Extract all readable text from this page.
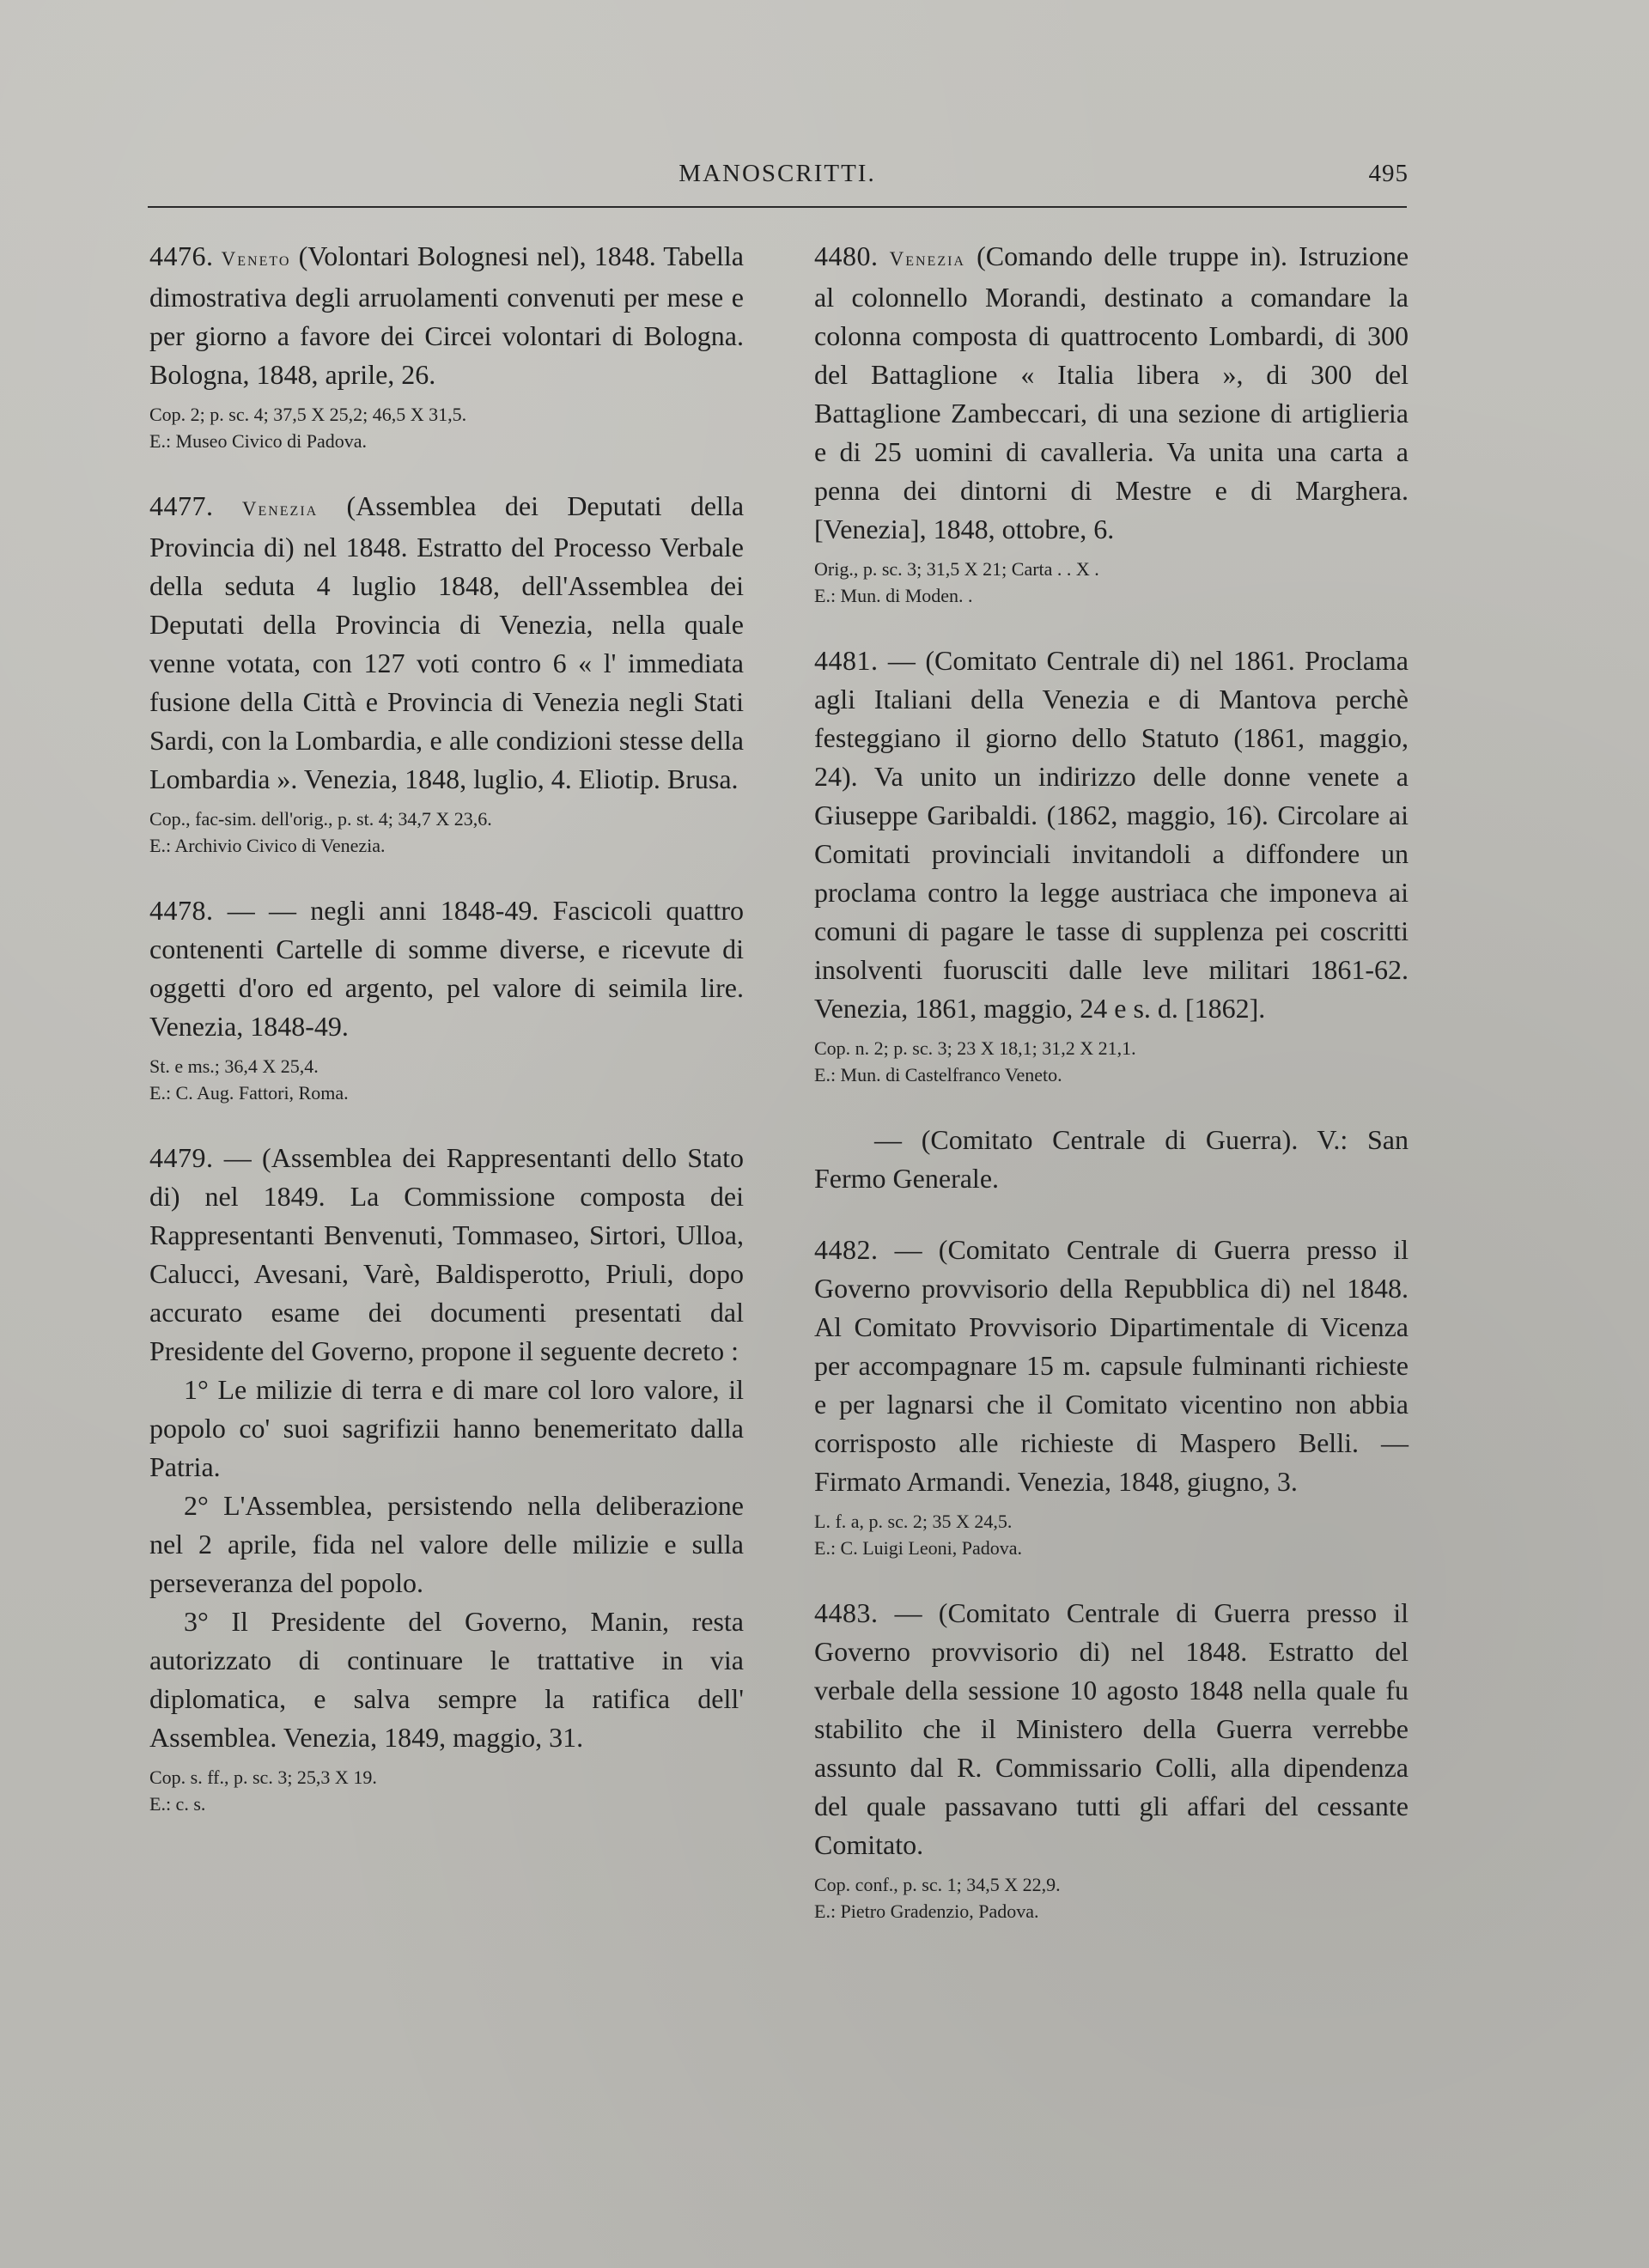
MANOSCRITTI.	495

4476. Veneto (Volontari Bolognesi nel), 1848. Tabella dimostrativa degli arruolamenti convenuti per mese e per giorno a favore dei Circei volontari di Bologna. Bologna, 1848, aprile, 26.

Cop. 2; p. sc. 4; 37,5 X 25,2; 46,5 X 31,5.
E.: Museo Civico di Padova.

4477. Venezia (Assemblea dei Deputati della Provincia di) nel 1848. Estratto del Processo Verbale della seduta 4 luglio 1848, dell'Assemblea dei Deputati della Provincia di Venezia, nella quale venne votata, con 127 voti contro 6 « l' immediata fusione della Città e Provincia di Venezia negli Stati Sardi, con la Lombardia, e alle condizioni stesse della Lombardia ». Venezia, 1848, luglio, 4. Eliotip. Brusa.

Cop., fac-sim. dell'orig., p. st. 4; 34,7 X 23,6.
E.: Archivio Civico di Venezia.

4478. — — negli anni 1848-49. Fascicoli quattro contenenti Cartelle di somme diverse, e ricevute di oggetti d'oro ed argento, pel valore di seimila lire. Venezia, 1848-49.

St. e ms.; 36,4 X 25,4.
E.: C. Aug. Fattori, Roma.

4479. — (Assemblea dei Rappresentanti dello Stato di) nel 1849. La Commissione composta dei Rappresentanti Benvenuti, Tommaseo, Sirtori, Ulloa, Calucci, Avesani, Varè, Baldisperotto, Priuli, dopo accurato esame dei documenti presentati dal Presidente del Governo, propone il seguente decreto :

1° Le milizie di terra e di mare col loro valore, il popolo co' suoi sagrifizii hanno benemeritato dalla Patria.

2° L'Assemblea, persistendo nella deliberazione nel 2 aprile, fida nel valore delle milizie e sulla perseveranza del popolo.

3° Il Presidente del Governo, Manin, resta autorizzato di continuare le trattative in via diplomatica, e salva sempre la ratifica dell' Assemblea. Venezia, 1849, maggio, 31.

Cop. s. ff., p. sc. 3; 25,3 X 19.
E.: c. s.

4480. Venezia (Comando delle truppe in). Istruzione al colonnello Morandi, destinato a comandare la colonna composta di quattrocento Lombardi, di 300 del Battaglione « Italia libera », di 300 del Battaglione Zambeccari, di una sezione di artiglieria e di 25 uomini di cavalleria. Va unita una carta a penna dei dintorni di Mestre e di Marghera. [Venezia], 1848, ottobre, 6.

Orig., p. sc. 3; 31,5 X 21; Carta . . X .
E.: Mun. di Moden. .

4481. — (Comitato Centrale di) nel 1861. Proclama agli Italiani della Venezia e di Mantova perchè festeggiano il giorno dello Statuto (1861, maggio, 24). Va unito un indirizzo delle donne venete a Giuseppe Garibaldi. (1862, maggio, 16). Circolare ai Comitati provinciali invitandoli a diffondere un proclama contro la legge austriaca che imponeva ai comuni di pagare le tasse di supplenza pei coscritti insolventi fuorusciti dalle leve militari 1861-62. Venezia, 1861, maggio, 24 e s. d. [1862].

Cop. n. 2; p. sc. 3; 23 X 18,1; 31,2 X 21,1.
E.: Mun. di Castelfranco Veneto.

— (Comitato Centrale di Guerra). V.: San Fermo Generale.

4482. — (Comitato Centrale di Guerra presso il Governo provvisorio della Repubblica di) nel 1848. Al Comitato Provvisorio Dipartimentale di Vicenza per accompagnare 15 m. capsule fulminanti richieste e per lagnarsi che il Comitato vicentino non abbia corrisposto alle richieste di Maspero Belli. — Firmato Armandi. Venezia, 1848, giugno, 3.

L. f. a, p. sc. 2; 35 X 24,5.
E.: C. Luigi Leoni, Padova.

4483. — (Comitato Centrale di Guerra presso il Governo provvisorio di) nel 1848. Estratto del verbale della sessione 10 agosto 1848 nella quale fu stabilito che il Ministero della Guerra verrebbe assunto dal R. Commissario Colli, alla dipendenza del quale passavano tutti gli affari del cessante Comitato.

Cop. conf., p. sc. 1; 34,5 X 22,9.
E.: Pietro Gradenzio, Padova.
